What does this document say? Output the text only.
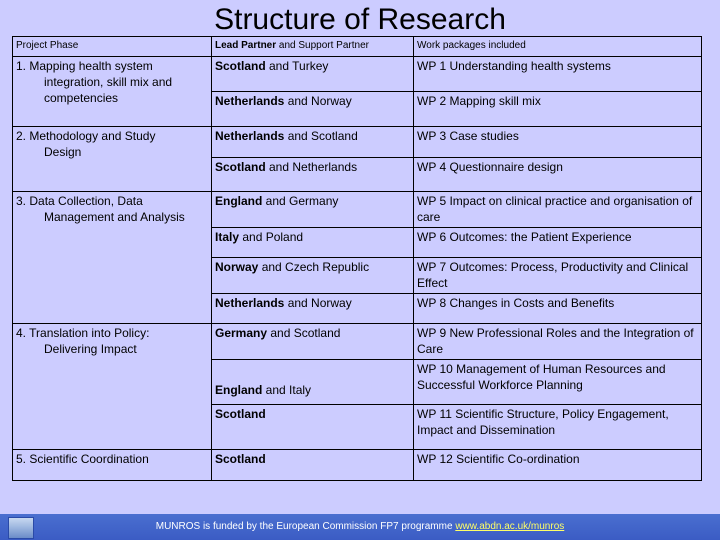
Structure of Research
Project Phase	Lead Partner and Support Partner	Work packages included
1. Mapping health system
integration, skill mix and competencies	Scotland and Turkey	WP 1 Understanding health systems
	Netherlands and Norway	WP 2 Mapping skill mix
2. Methodology and Study
Design	Netherlands and Scotland	WP 3 Case studies
	Scotland and Netherlands	WP 4 Questionnaire design
3. Data Collection, Data
Management and Analysis	England and Germany	WP 5 Impact on clinical practice and organisation of care
	Italy and Poland	WP 6 Outcomes: the Patient Experience
	Norway and Czech Republic	WP 7 Outcomes: Process, Productivity and Clinical Effect
	Netherlands and Norway	WP 8 Changes in Costs and Benefits
4. Translation into Policy:
Delivering Impact	Germany and Scotland	WP 9 New Professional Roles and the Integration of Care
	England and Italy	WP 10 Management of Human Resources and Successful Workforce Planning
	Scotland	WP 11 Scientific Structure, Policy Engagement, Impact and Dissemination
5. Scientific Coordination	Scotland	WP 12 Scientific Co-ordination
MUNROS is funded by the European Commission FP7 programme www.abdn.ac.uk/munros
